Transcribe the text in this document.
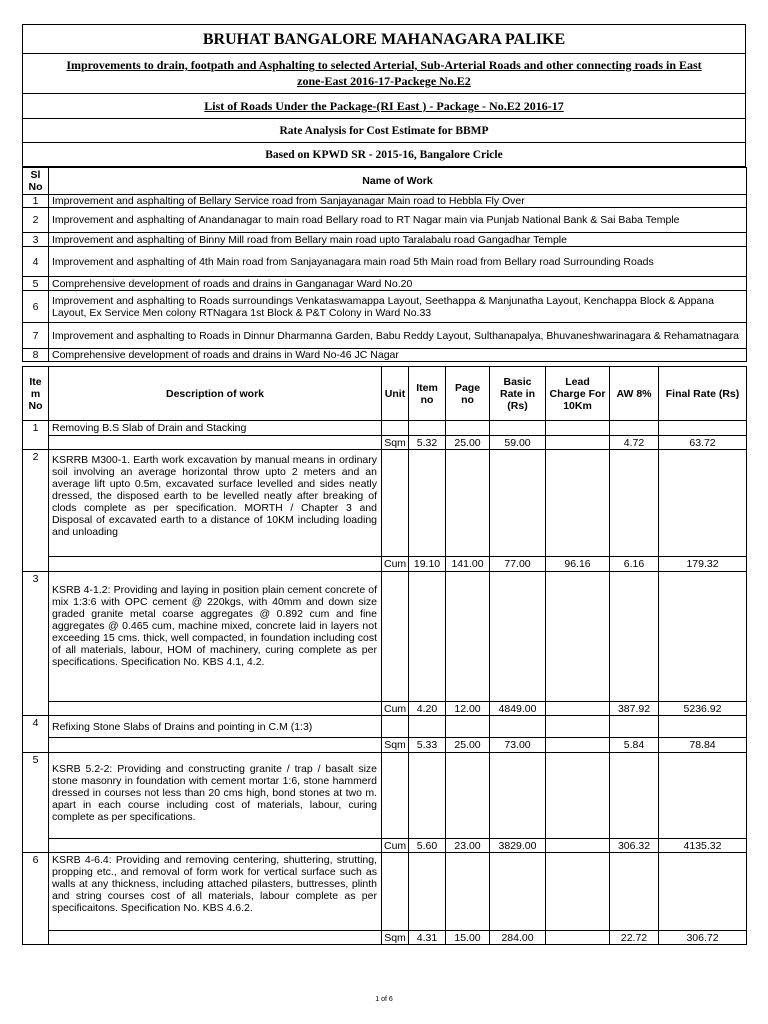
BRUHAT BANGALORE MAHANAGARA PALIKE
Improvements to drain, footpath and Asphalting to selected Arterial, Sub-Arterial Roads and other connecting roads in East
zone-East 2016-17-Packege No.E2
List of Roads Under the Package-(RI East ) - Package - No.E2 2016-17
Rate Analysis for Cost Estimate for BBMP
Based on KPWD SR - 2015-16, Bangalore Cricle
Sl No	Name of Work
1	Improvement and asphalting of Bellary Service road from Sanjayanagar Main road to Hebbla Fly Over
2	Improvement and asphalting of Anandanagar to main road Bellary road to RT Nagar main via Punjab National Bank & Sai Baba Temple
3	Improvement and asphalting of Binny Mill road from Bellary main road upto Taralabalu road Gangadhar Temple
4	Improvement and asphalting of 4th Main road from Sanjayanagara main road 5th Main road from Bellary road Surrounding Roads
5	Comprehensive development of roads and drains in Ganganagar Ward No.20
6	Improvement and asphalting to Roads surroundings Venkataswamappa Layout, Seethappa & Manjunatha Layout, Kenchappa Block & Appana Layout, Ex Service Men colony RTNagara 1st Block & P&T Colony in Ward No.33
7	Improvement and asphalting to Roads in Dinnur Dharmanna Garden, Babu Reddy Layout, Sulthanapalya, Bhuvaneshwarinagara & Rehamatnagara
8	Comprehensive development of roads and drains in Ward No-46 JC Nagar
Ite m No	Description of work	Unit	Item no	Page no	Basic Rate in (Rs)	Lead Charge For 10Km	AW 8%	Final Rate (Rs)
1	Removing B.S Slab of Drain and Stacking							
		Sqm	5.32	25.00	59.00		4.72	63.72
2	KSRRB M300-1. Earth work excavation by manual means in ordinary soil involving an average horizontal throw upto 2 meters and an average lift upto 0.5m, excavated surface levelled and sides neatly dressed, the disposed earth to be levelled neatly after breaking of clods complete as per specification. MORTH / Chapter 3 and Disposal of excavated earth to a distance of 10KM including loading and unloading							
		Cum	19.10	141.00	77.00	96.16	6.16	179.32
3	KSRB 4-1.2: Providing and laying in position plain cement concrete of mix 1:3:6 with OPC cement @ 220kgs, with 40mm and down size graded granite metal coarse aggregates @ 0.892 cum and fine aggregates @ 0.465 cum, machine mixed, concrete laid in layers not exceeding 15 cms. thick, well compacted, in foundation including cost of all materials, labour, HOM of machinery, curing complete as per specifications. Specification No. KBS 4.1, 4.2.							
		Cum	4.20	12.00	4849.00		387.92	5236.92
4	Refixing Stone Slabs of Drains and pointing in C.M (1:3)							
		Sqm	5.33	25.00	73.00		5.84	78.84
5	KSRB 5.2-2: Providing and constructing granite / trap / basalt size stone masonry in foundation with cement mortar 1:6, stone hammerd dressed in courses not less than 20 cms high, bond stones at two m. apart in each course including cost of materials, labour, curing complete as per specifications.							
		Cum	5.60	23.00	3829.00		306.32	4135.32
6	KSRB 4-6.4: Providing and removing centering, shuttering, strutting, propping etc., and removal of form work for vertical surface such as walls at any thickness, including attached pilasters, buttresses, plinth and string courses cost of all materials, labour complete as per specificaitons. Specification No. KBS 4.6.2.							
		Sqm	4.31	15.00	284.00		22.72	306.72
1 of 6
